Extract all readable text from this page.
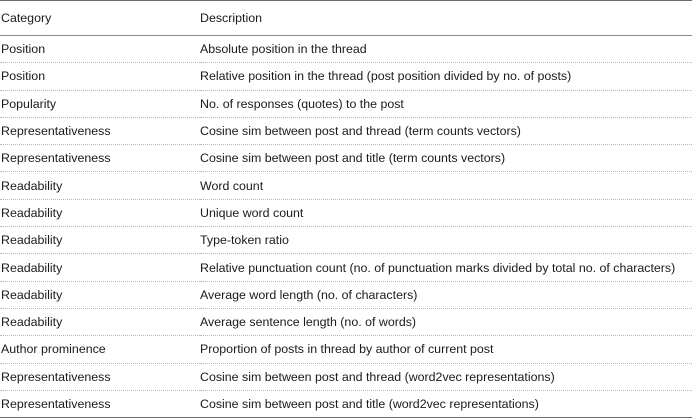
Category	Description
Position	Absolute position in the thread
Position	Relative position in the thread (post position divided by no. of posts)
Popularity	No. of responses (quotes) to the post
Representativeness	Cosine sim between post and thread (term counts vectors)
Representativeness	Cosine sim between post and title (term counts vectors)
Readability	Word count
Readability	Unique word count
Readability	Type-token ratio
Readability	Relative punctuation count (no. of punctuation marks divided by total no. of characters)
Readability	Average word length (no. of characters)
Readability	Average sentence length (no. of words)
Author prominence	Proportion of posts in thread by author of current post
Representativeness	Cosine sim between post and thread (word2vec representations)
Representativeness	Cosine sim between post and title (word2vec representations)
